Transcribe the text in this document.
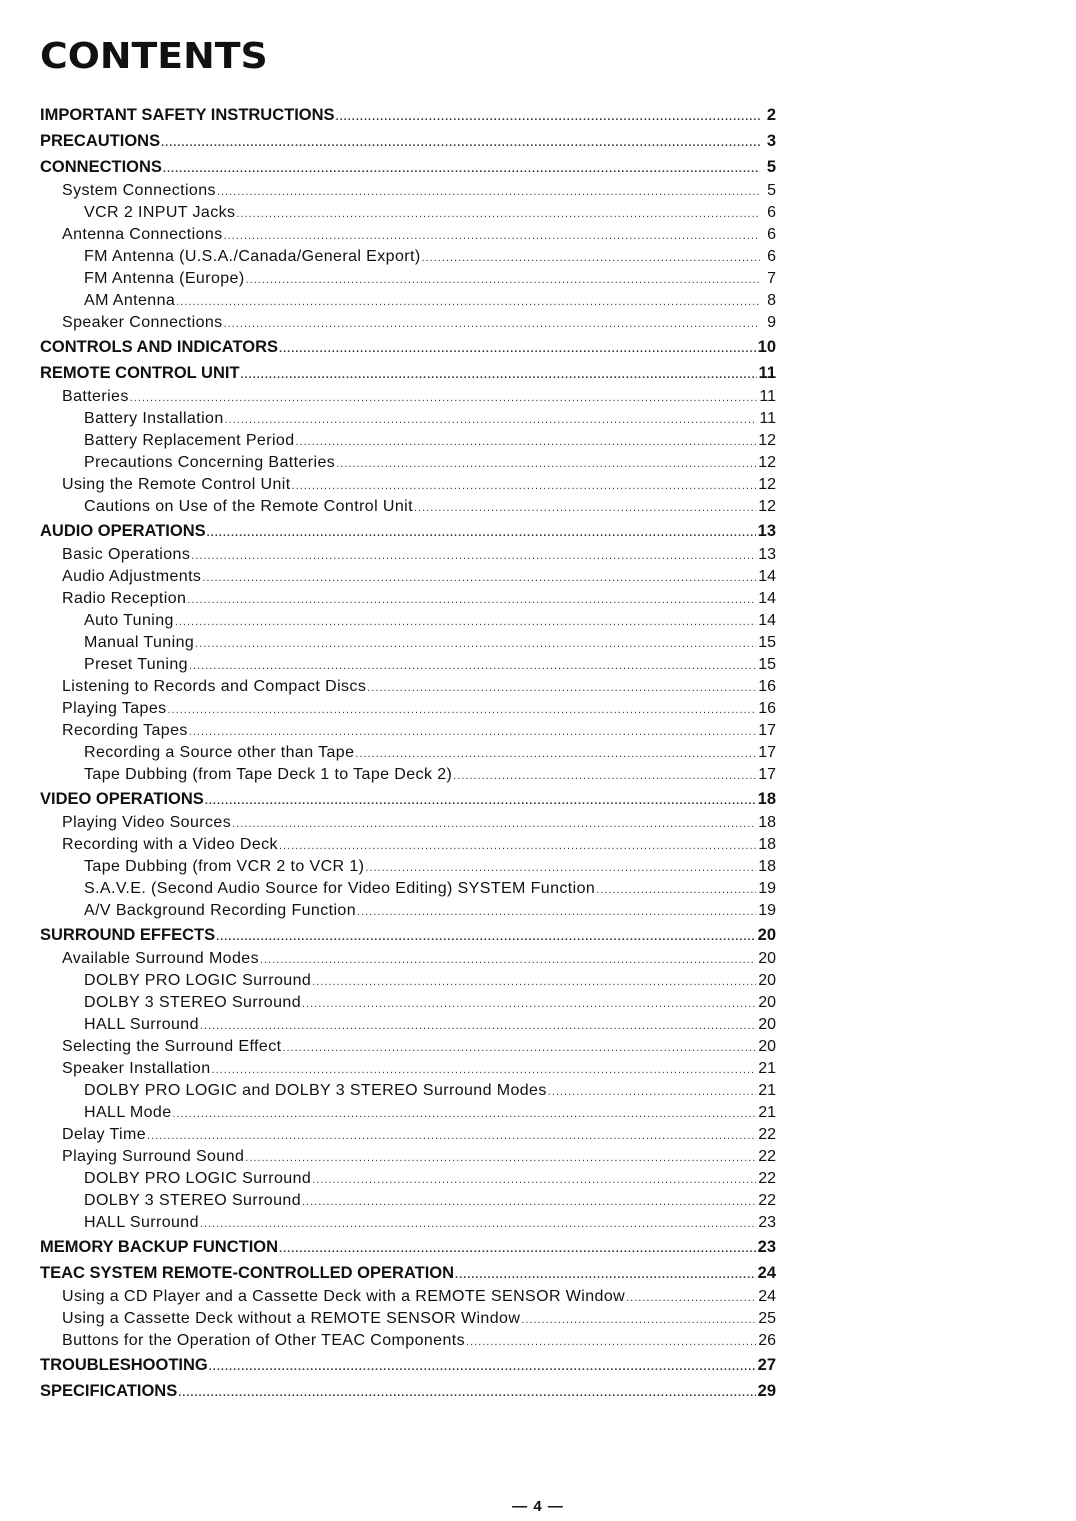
CONTENTS
IMPORTANT SAFETY INSTRUCTIONS .....	2
PRECAUTIONS .....	3
CONNECTIONS .....	5
System Connections .....	5
VCR 2 INPUT Jacks .....	6
Antenna Connections .....	6
FM Antenna (U.S.A./Canada/General Export) .....	6
FM Antenna (Europe) .....	7
AM Antenna .....	8
Speaker Connections .....	9
CONTROLS AND INDICATORS .....	10
REMOTE CONTROL UNIT .....	11
Batteries .....	11
Battery Installation .....	11
Battery Replacement Period .....	12
Precautions Concerning Batteries .....	12
Using the Remote Control Unit .....	12
Cautions on Use of the Remote Control Unit .....	12
AUDIO OPERATIONS .....	13
Basic Operations .....	13
Audio Adjustments .....	14
Radio Reception .....	14
Auto Tuning .....	14
Manual Tuning .....	15
Preset Tuning .....	15
Listening to Records and Compact Discs .....	16
Playing Tapes .....	16
Recording Tapes .....	17
Recording a Source other than Tape .....	17
Tape Dubbing (from Tape Deck 1 to Tape Deck 2) .....	17
VIDEO OPERATIONS .....	18
Playing Video Sources .....	18
Recording with a Video Deck .....	18
Tape Dubbing (from VCR 2 to VCR 1) .....	18
S.A.V.E. (Second Audio Source for Video Editing) SYSTEM Function .....	19
A/V Background Recording Function .....	19
SURROUND EFFECTS .....	20
Available Surround Modes .....	20
DOLBY PRO LOGIC Surround .....	20
DOLBY 3 STEREO Surround .....	20
HALL Surround .....	20
Selecting the Surround Effect .....	20
Speaker Installation .....	21
DOLBY PRO LOGIC and DOLBY 3 STEREO Surround Modes .....	21
HALL Mode .....	21
Delay Time .....	22
Playing Surround Sound .....	22
DOLBY PRO LOGIC Surround .....	22
DOLBY 3 STEREO Surround .....	22
HALL Surround .....	23
MEMORY BACKUP FUNCTION .....	23
TEAC SYSTEM REMOTE-CONTROLLED OPERATION .....	24
Using a CD Player and a Cassette Deck with a REMOTE SENSOR Window .....	24
Using a Cassette Deck without a REMOTE SENSOR Window .....	25
Buttons for the Operation of Other TEAC Components .....	26
TROUBLESHOOTING .....	27
SPECIFICATIONS .....	29
— 4 —
